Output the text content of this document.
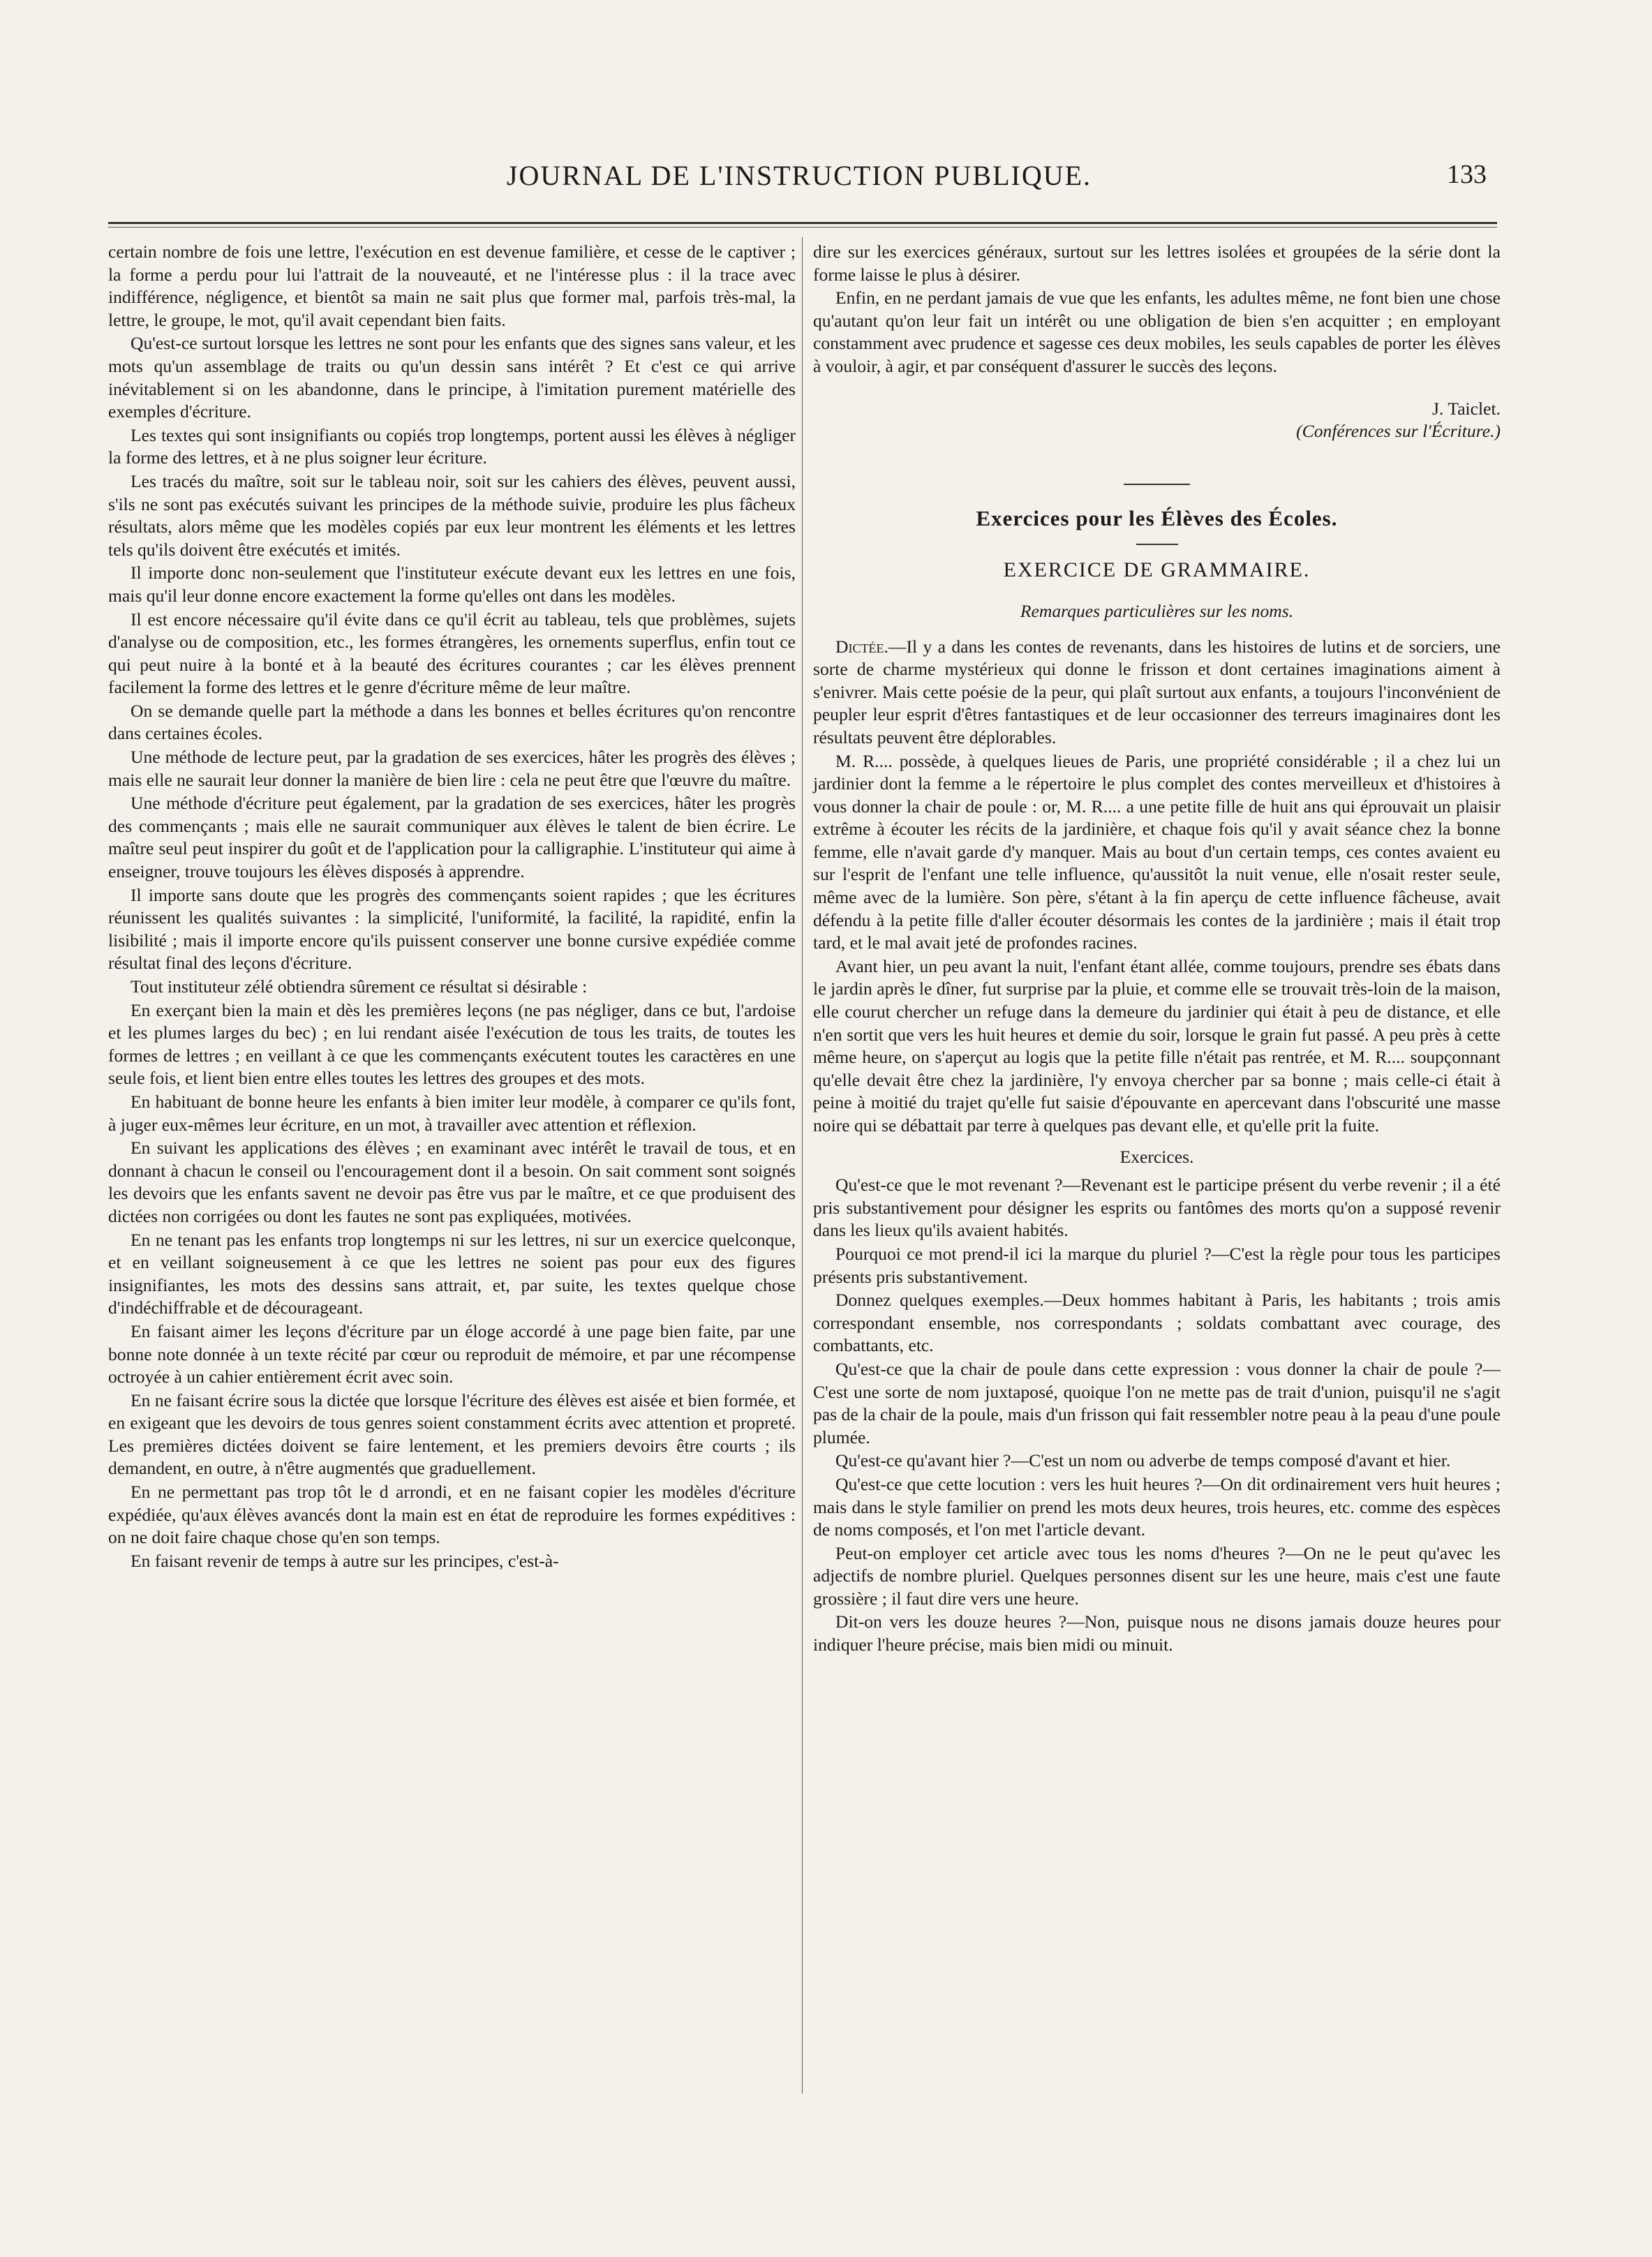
JOURNAL DE L'INSTRUCTION PUBLIQUE.	133

certain nombre de fois une lettre, l'exécution en est devenue familière, et cesse de le captiver ; la forme a perdu pour lui l'attrait de la nouveauté, et ne l'intéresse plus : il la trace avec indifférence, négligence, et bientôt sa main ne sait plus que former mal, parfois très-mal, la lettre, le groupe, le mot, qu'il avait cependant bien faits.

Qu'est-ce surtout lorsque les lettres ne sont pour les enfants que des signes sans valeur, et les mots qu'un assemblage de traits ou qu'un dessin sans intérêt ? Et c'est ce qui arrive inévitablement si on les abandonne, dans le principe, à l'imitation purement matérielle des exemples d'écriture.

Les textes qui sont insignifiants ou copiés trop longtemps, portent aussi les élèves à négliger la forme des lettres, et à ne plus soigner leur écriture.

Les tracés du maître, soit sur le tableau noir, soit sur les cahiers des élèves, peuvent aussi, s'ils ne sont pas exécutés suivant les principes de la méthode suivie, produire les plus fâcheux résultats, alors même que les modèles copiés par eux leur montrent les éléments et les lettres tels qu'ils doivent être exécutés et imités.

Il importe donc non-seulement que l'instituteur exécute devant eux les lettres en une fois, mais qu'il leur donne encore exactement la forme qu'elles ont dans les modèles.

Il est encore nécessaire qu'il évite dans ce qu'il écrit au tableau, tels que problèmes, sujets d'analyse ou de composition, etc., les formes étrangères, les ornements superflus, enfin tout ce qui peut nuire à la bonté et à la beauté des écritures courantes ; car les élèves prennent facilement la forme des lettres et le genre d'écriture même de leur maître.

On se demande quelle part la méthode a dans les bonnes et belles écritures qu'on rencontre dans certaines écoles.

Une méthode de lecture peut, par la gradation de ses exercices, hâter les progrès des élèves ; mais elle ne saurait leur donner la manière de bien lire : cela ne peut être que l'œuvre du maître.

Une méthode d'écriture peut également, par la gradation de ses exercices, hâter les progrès des commençants ; mais elle ne saurait communiquer aux élèves le talent de bien écrire. Le maître seul peut inspirer du goût et de l'application pour la calligraphie. L'instituteur qui aime à enseigner, trouve toujours les élèves disposés à apprendre.

Il importe sans doute que les progrès des commençants soient rapides ; que les écritures réunissent les qualités suivantes : la simplicité, l'uniformité, la facilité, la rapidité, enfin la lisibilité ; mais il importe encore qu'ils puissent conserver une bonne cursive expédiée comme résultat final des leçons d'écriture.

Tout instituteur zélé obtiendra sûrement ce résultat si désirable :

En exerçant bien la main et dès les premières leçons (ne pas négliger, dans ce but, l'ardoise et les plumes larges du bec) ; en lui rendant aisée l'exécution de tous les traits, de toutes les formes de lettres ; en veillant à ce que les commençants exécutent toutes les caractères en une seule fois, et lient bien entre elles toutes les lettres des groupes et des mots.

En habituant de bonne heure les enfants à bien imiter leur modèle, à comparer ce qu'ils font, à juger eux-mêmes leur écriture, en un mot, à travailler avec attention et réflexion.

En suivant les applications des élèves ; en examinant avec intérêt le travail de tous, et en donnant à chacun le conseil ou l'encouragement dont il a besoin. On sait comment sont soignés les devoirs que les enfants savent ne devoir pas être vus par le maître, et ce que produisent des dictées non corrigées ou dont les fautes ne sont pas expliquées, motivées.

En ne tenant pas les enfants trop longtemps ni sur les lettres, ni sur un exercice quelconque, et en veillant soigneusement à ce que les lettres ne soient pas pour eux des figures insignifiantes, les mots des dessins sans attrait, et, par suite, les textes quelque chose d'indéchiffrable et de décourageant.

En faisant aimer les leçons d'écriture par un éloge accordé à une page bien faite, par une bonne note donnée à un texte récité par cœur ou reproduit de mémoire, et par une récompense octroyée à un cahier entièrement écrit avec soin.

En ne faisant écrire sous la dictée que lorsque l'écriture des élèves est aisée et bien formée, et en exigeant que les devoirs de tous genres soient constamment écrits avec attention et propreté. Les premières dictées doivent se faire lentement, et les premiers devoirs être courts ; ils demandent, en outre, à n'être augmentés que graduellement.

En ne permettant pas trop tôt le d arrondi, et en ne faisant copier les modèles d'écriture expédiée, qu'aux élèves avancés dont la main est en état de reproduire les formes expéditives : on ne doit faire chaque chose qu'en son temps.

En faisant revenir de temps à autre sur les principes, c'est-à-

dire sur les exercices généraux, surtout sur les lettres isolées et groupées de la série dont la forme laisse le plus à désirer.

Enfin, en ne perdant jamais de vue que les enfants, les adultes même, ne font bien une chose qu'autant qu'on leur fait un intérêt ou une obligation de bien s'en acquitter ; en employant constamment avec prudence et sagesse ces deux mobiles, les seuls capables de porter les élèves à vouloir, à agir, et par conséquent d'assurer le succès des leçons.

J. Taiclet.
(Conférences sur l'Écriture.)
Exercices pour les Élèves des Écoles.
EXERCICE DE GRAMMAIRE.
Remarques particulières sur les noms.

Dictée.—Il y a dans les contes de revenants, dans les histoires de lutins et de sorciers, une sorte de charme mystérieux qui donne le frisson et dont certaines imaginations aiment à s'enivrer. Mais cette poésie de la peur, qui plaît surtout aux enfants, a toujours l'inconvénient de peupler leur esprit d'êtres fantastiques et de leur occasionner des terreurs imaginaires dont les résultats peuvent être déplorables.

M. R.... possède, à quelques lieues de Paris, une propriété considérable ; il a chez lui un jardinier dont la femme a le répertoire le plus complet des contes merveilleux et d'histoires à vous donner la chair de poule : or, M. R.... a une petite fille de huit ans qui éprouvait un plaisir extrême à écouter les récits de la jardinière, et chaque fois qu'il y avait séance chez la bonne femme, elle n'avait garde d'y manquer. Mais au bout d'un certain temps, ces contes avaient eu sur l'esprit de l'enfant une telle influence, qu'aussitôt la nuit venue, elle n'osait rester seule, même avec de la lumière. Son père, s'étant à la fin aperçu de cette influence fâcheuse, avait défendu à la petite fille d'aller écouter désormais les contes de la jardinière ; mais il était trop tard, et le mal avait jeté de profondes racines.

Avant hier, un peu avant la nuit, l'enfant étant allée, comme toujours, prendre ses ébats dans le jardin après le dîner, fut surprise par la pluie, et comme elle se trouvait très-loin de la maison, elle courut chercher un refuge dans la demeure du jardinier qui était à peu de distance, et elle n'en sortit que vers les huit heures et demie du soir, lorsque le grain fut passé. A peu près à cette même heure, on s'aperçut au logis que la petite fille n'était pas rentrée, et M. R.... soupçonnant qu'elle devait être chez la jardinière, l'y envoya chercher par sa bonne ; mais celle-ci était à peine à moitié du trajet qu'elle fut saisie d'épouvante en apercevant dans l'obscurité une masse noire qui se débattait par terre à quelques pas devant elle, et qu'elle prit la fuite.

Exercices.

Qu'est-ce que le mot revenant ?—Revenant est le participe présent du verbe revenir ; il a été pris substantivement pour désigner les esprits ou fantômes des morts qu'on a supposé revenir dans les lieux qu'ils avaient habités.

Pourquoi ce mot prend-il ici la marque du pluriel ?—C'est la règle pour tous les participes présents pris substantivement.

Donnez quelques exemples.—Deux hommes habitant à Paris, les habitants ; trois amis correspondant ensemble, nos correspondants ; soldats combattant avec courage, des combattants, etc.

Qu'est-ce que la chair de poule dans cette expression : vous donner la chair de poule ?—C'est une sorte de nom juxtaposé, quoique l'on ne mette pas de trait d'union, puisqu'il ne s'agit pas de la chair de la poule, mais d'un frisson qui fait ressembler notre peau à la peau d'une poule plumée.

Qu'est-ce qu'avant hier ?—C'est un nom ou adverbe de temps composé d'avant et hier.

Qu'est-ce que cette locution : vers les huit heures ?—On dit ordinairement vers huit heures ; mais dans le style familier on prend les mots deux heures, trois heures, etc. comme des espèces de noms composés, et l'on met l'article devant.

Peut-on employer cet article avec tous les noms d'heures ?—On ne le peut qu'avec les adjectifs de nombre pluriel. Quelques personnes disent sur les une heure, mais c'est une faute grossière ; il faut dire vers une heure.

Dit-on vers les douze heures ?—Non, puisque nous ne disons jamais douze heures pour indiquer l'heure précise, mais bien midi ou minuit.
